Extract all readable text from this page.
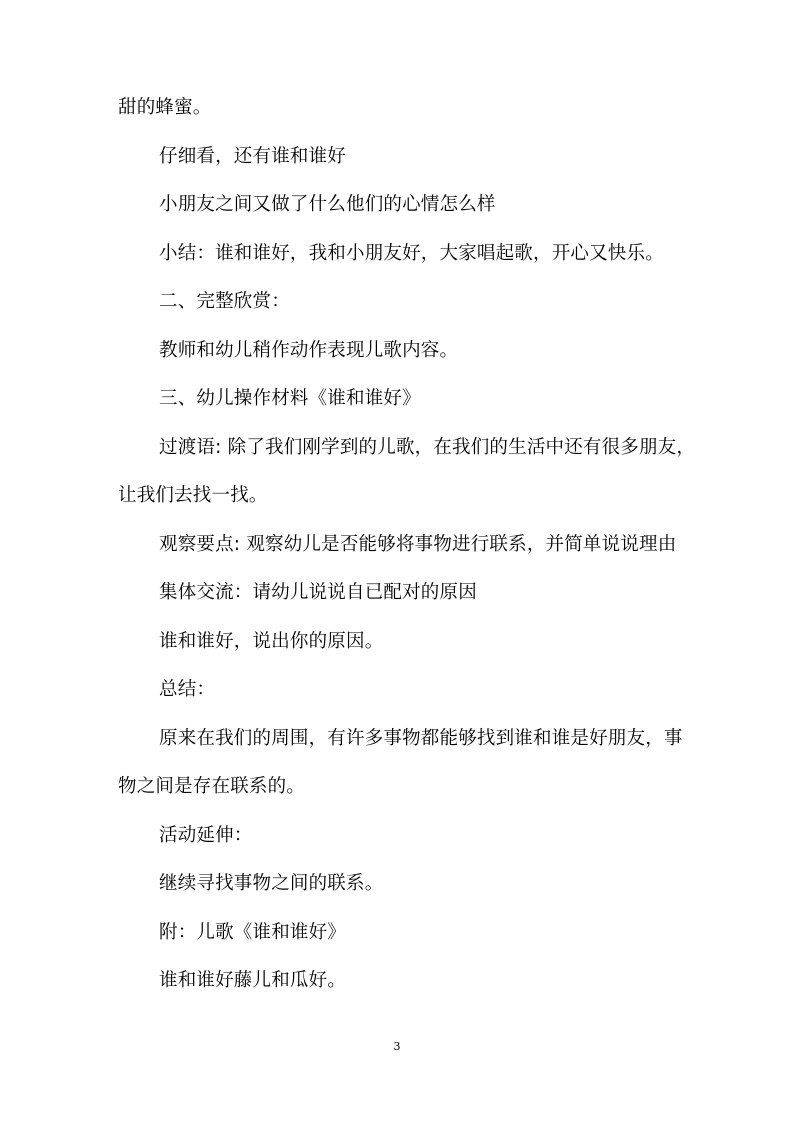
甜的蜂蜜。
仔细看，还有谁和谁好
小朋友之间又做了什么他们的心情怎么样
小结：谁和谁好，我和小朋友好，大家唱起歌，开心又快乐。
二、完整欣赏：
教师和幼儿稍作动作表现儿歌内容。
三、幼儿操作材料《谁和谁好》
过渡语: 除了我们刚学到的儿歌，在我们的生活中还有很多朋友，
让我们去找一找。
观察要点: 观察幼儿是否能够将事物进行联系，并简单说说理由
集体交流：请幼儿说说自已配对的原因
谁和谁好，说出你的原因。
总结：
原来在我们的周围，有许多事物都能够找到谁和谁是好朋友，事
物之间是存在联系的。
活动延伸：
继续寻找事物之间的联系。
附：儿歌《谁和谁好》
谁和谁好藤儿和瓜好。
3
